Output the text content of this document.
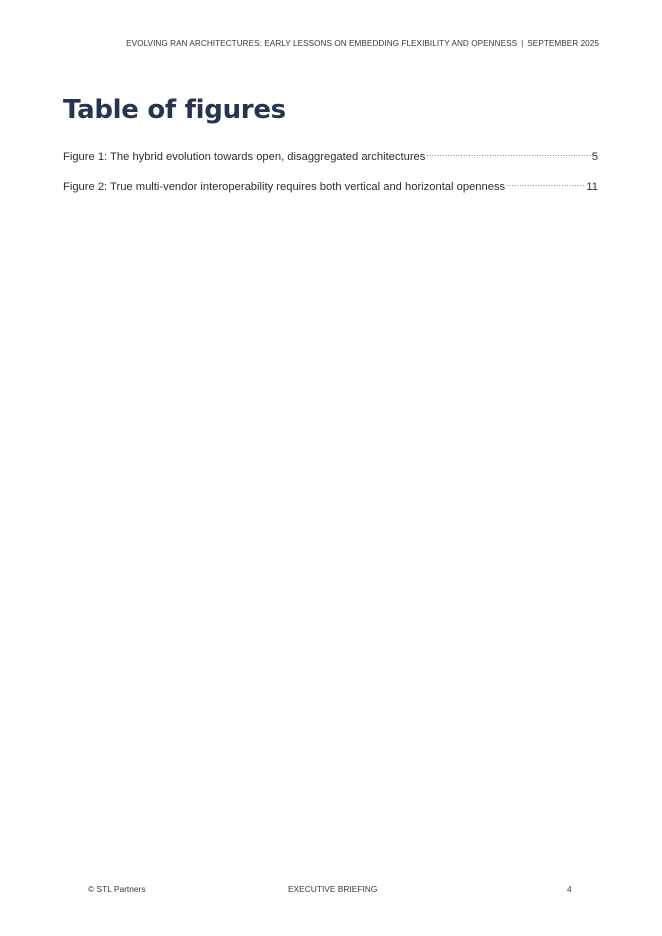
EVOLVING RAN ARCHITECTURES: EARLY LESSONS ON EMBEDDING FLEXIBILITY AND OPENNESS | SEPTEMBER 2025
Table of figures
Figure 1: The hybrid evolution towards open, disaggregated architectures .....	5
Figure 2: True multi-vendor interoperability requires both vertical and horizontal openness .....	11
© STL Partners	EXECUTIVE BRIEFING	4
